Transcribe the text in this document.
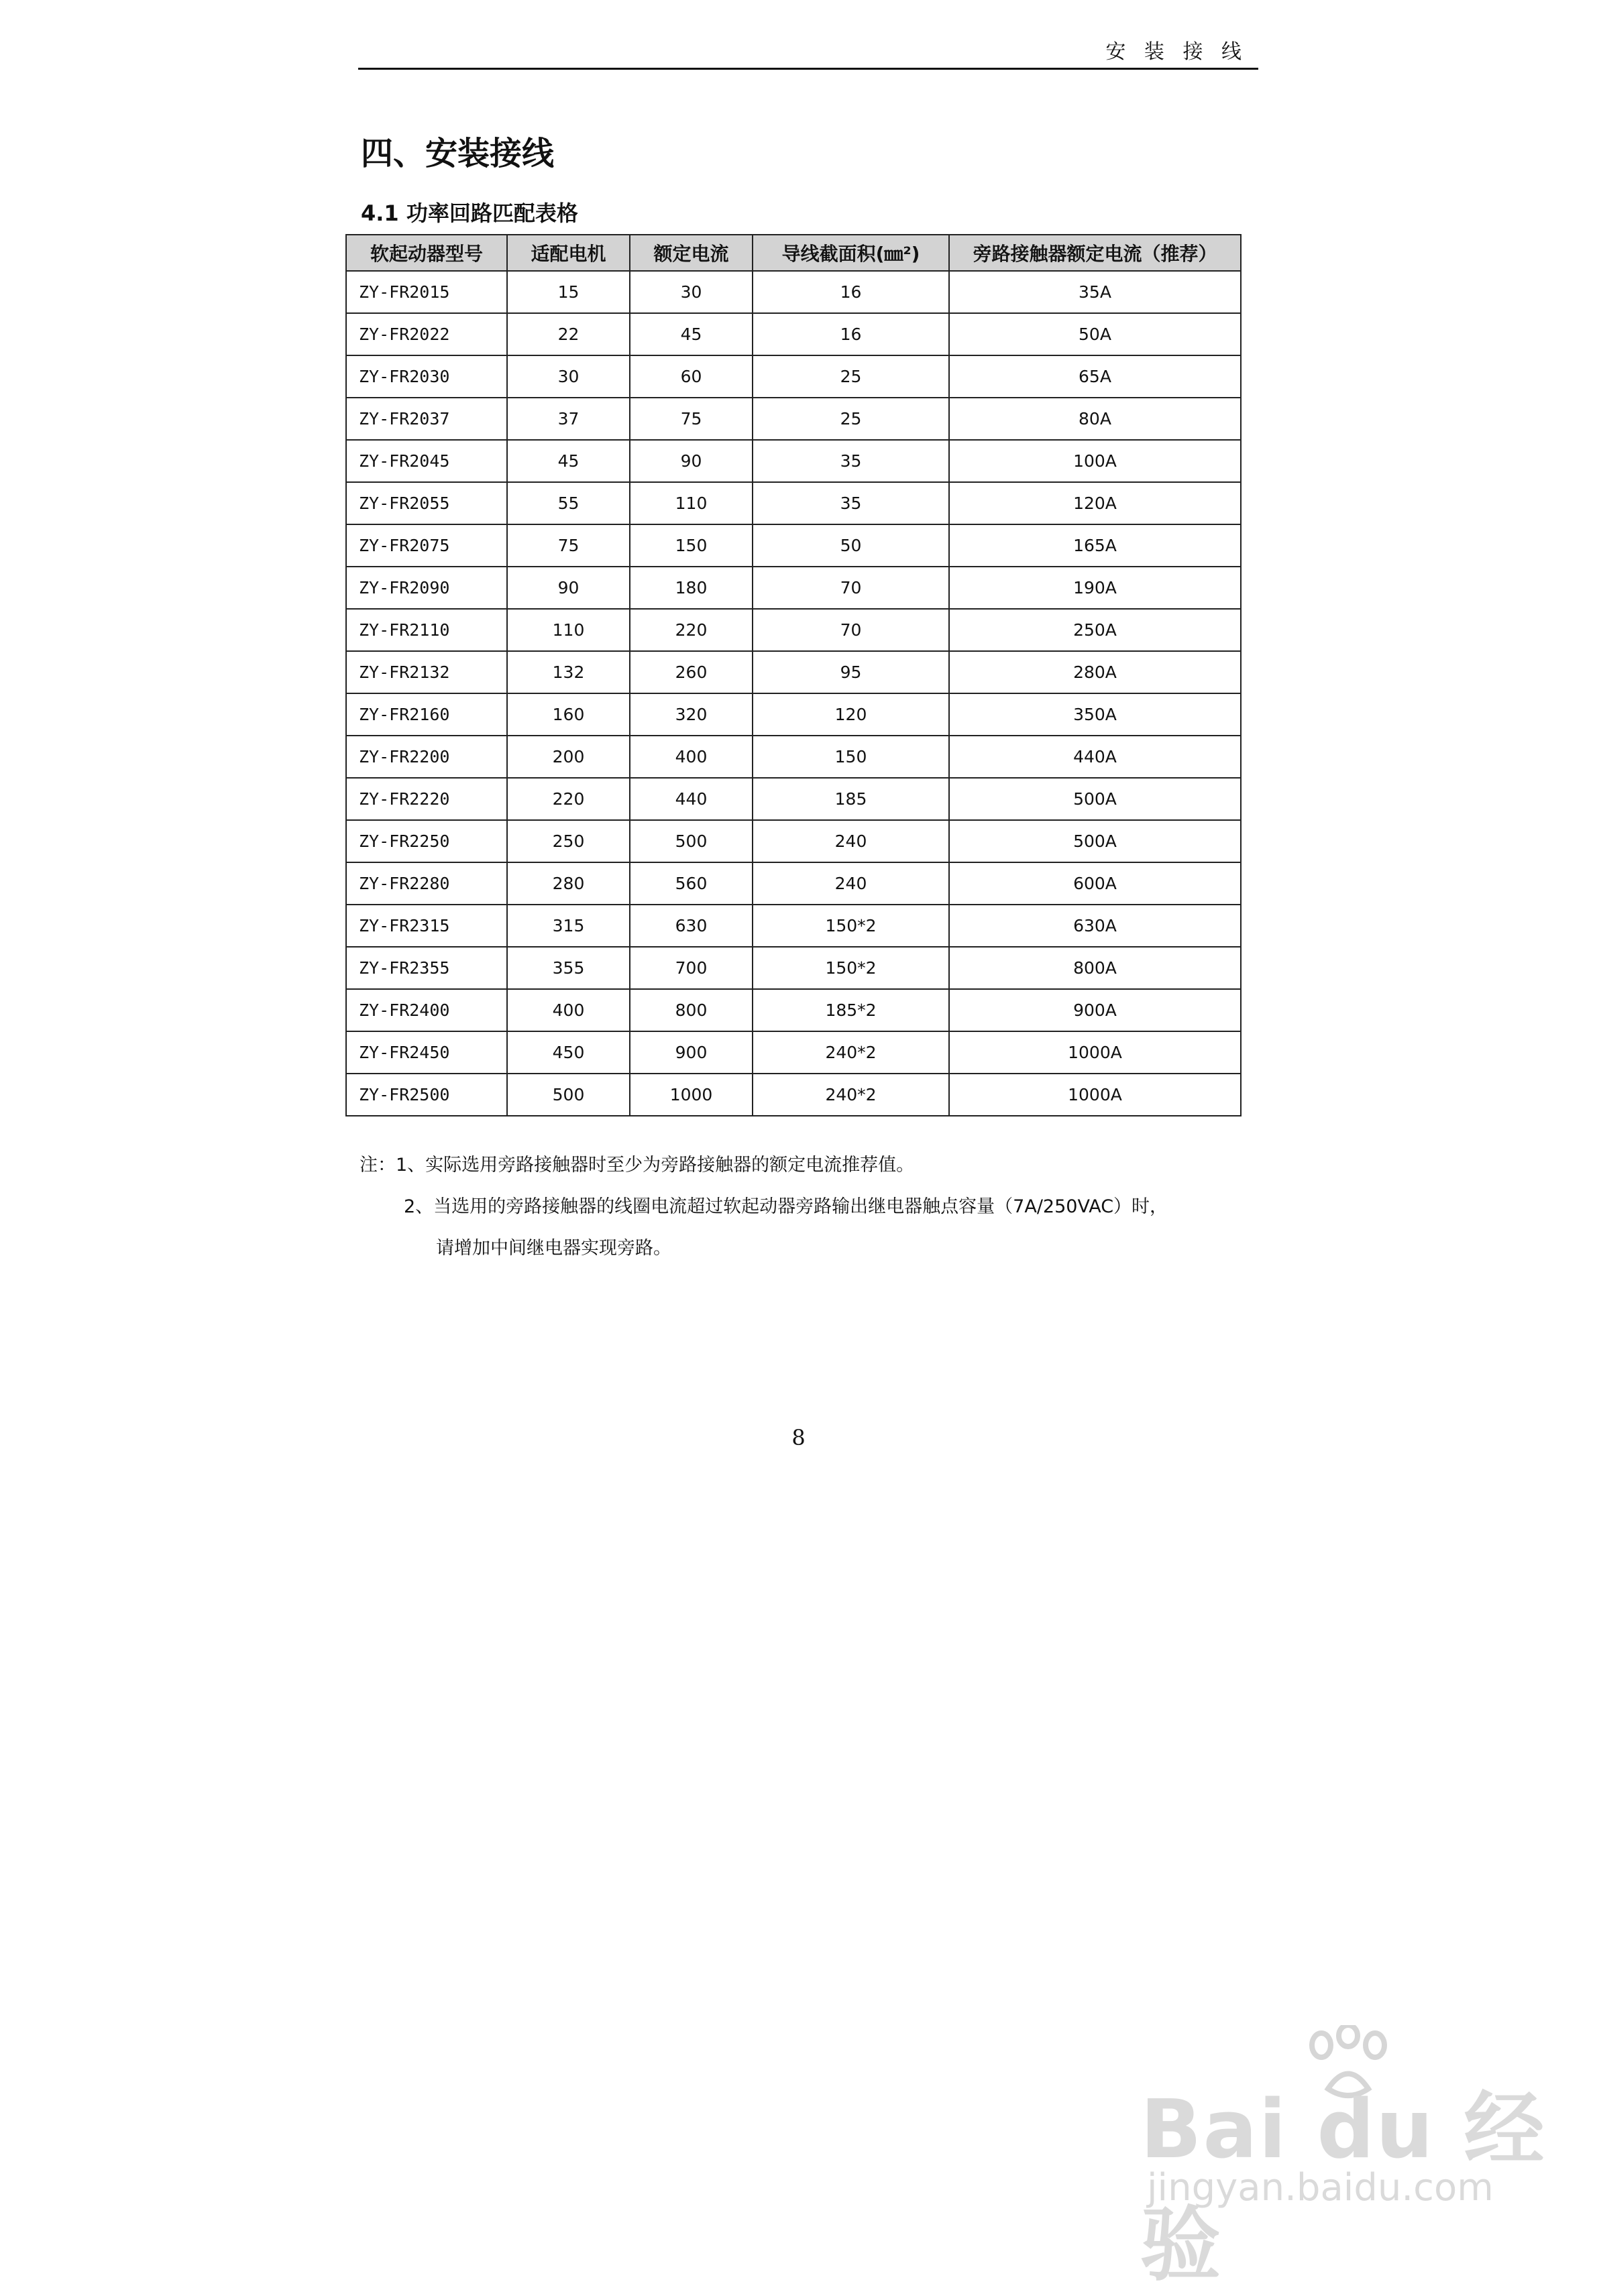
安 装 接 线
四、安装接线
4.1 功率回路匹配表格
软起动器型号	适配电机	额定电流	导线截面积(㎜²)	旁路接触器额定电流（推荐）
ZY-FR2015	15	30	16	35A
ZY-FR2022	22	45	16	50A
ZY-FR2030	30	60	25	65A
ZY-FR2037	37	75	25	80A
ZY-FR2045	45	90	35	100A
ZY-FR2055	55	110	35	120A
ZY-FR2075	75	150	50	165A
ZY-FR2090	90	180	70	190A
ZY-FR2110	110	220	70	250A
ZY-FR2132	132	260	95	280A
ZY-FR2160	160	320	120	350A
ZY-FR2200	200	400	150	440A
ZY-FR2220	220	440	185	500A
ZY-FR2250	250	500	240	500A
ZY-FR2280	280	560	240	600A
ZY-FR2315	315	630	150*2	630A
ZY-FR2355	355	700	150*2	800A
ZY-FR2400	400	800	185*2	900A
ZY-FR2450	450	900	240*2	1000A
ZY-FR2500	500	1000	240*2	1000A
注：1、实际选用旁路接触器时至少为旁路接触器的额定电流推荐值。
2、当选用的旁路接触器的线圈电流超过软起动器旁路输出继电器触点容量（7A/250VAC）时，
请增加中间继电器实现旁路。
8
Bai du 经验
jingyan.baidu.com
